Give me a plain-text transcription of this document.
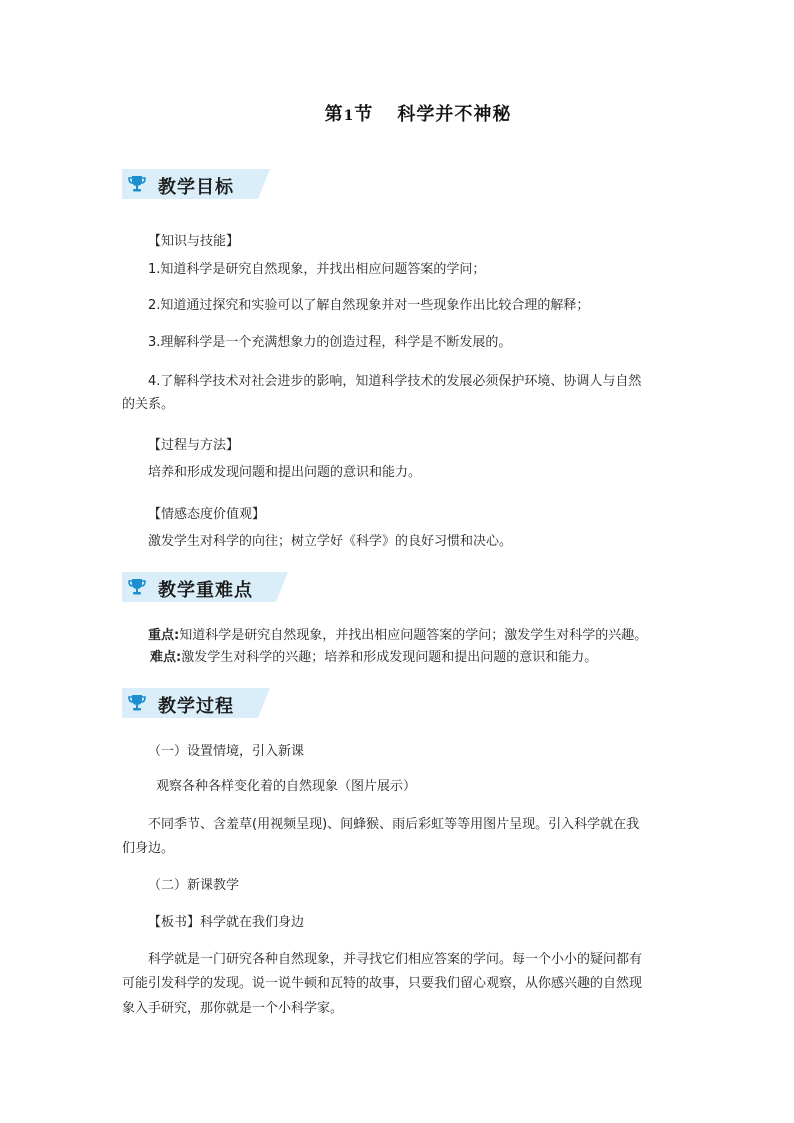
第1节 科学并不神秘
教学目标
【知识与技能】
1.知道科学是研究自然现象，并找出相应问题答案的学问；
2.知道通过探究和实验可以了解自然现象并对一些现象作出比较合理的解释；
3.理解科学是一个充满想象力的创造过程，科学是不断发展的。
4.了解科学技术对社会进步的影响，知道科学技术的发展必须保护环境、协调人与自然
的关系。
【过程与方法】
培养和形成发现问题和提出问题的意识和能力。
【情感态度价值观】
激发学生对科学的向往；树立学好《科学》的良好习惯和决心。
教学重难点
重点:知道科学是研究自然现象，并找出相应问题答案的学问；激发学生对科学的兴趣。
难点:激发学生对科学的兴趣；培养和形成发现问题和提出问题的意识和能力。
教学过程
（一）设置情境，引入新课
观察各种各样变化着的自然现象（图片展示）
不同季节、含羞草(用视频呈现)、间蜂猴、雨后彩虹等等用图片呈现。引入科学就在我
们身边。
（二）新课教学
【板书】科学就在我们身边
科学就是一门研究各种自然现象，并寻找它们相应答案的学问。每一个小小的疑问都有
可能引发科学的发现。说一说牛顿和瓦特的故事，只要我们留心观察，从你感兴趣的自然现
象入手研究，那你就是一个小科学家。
